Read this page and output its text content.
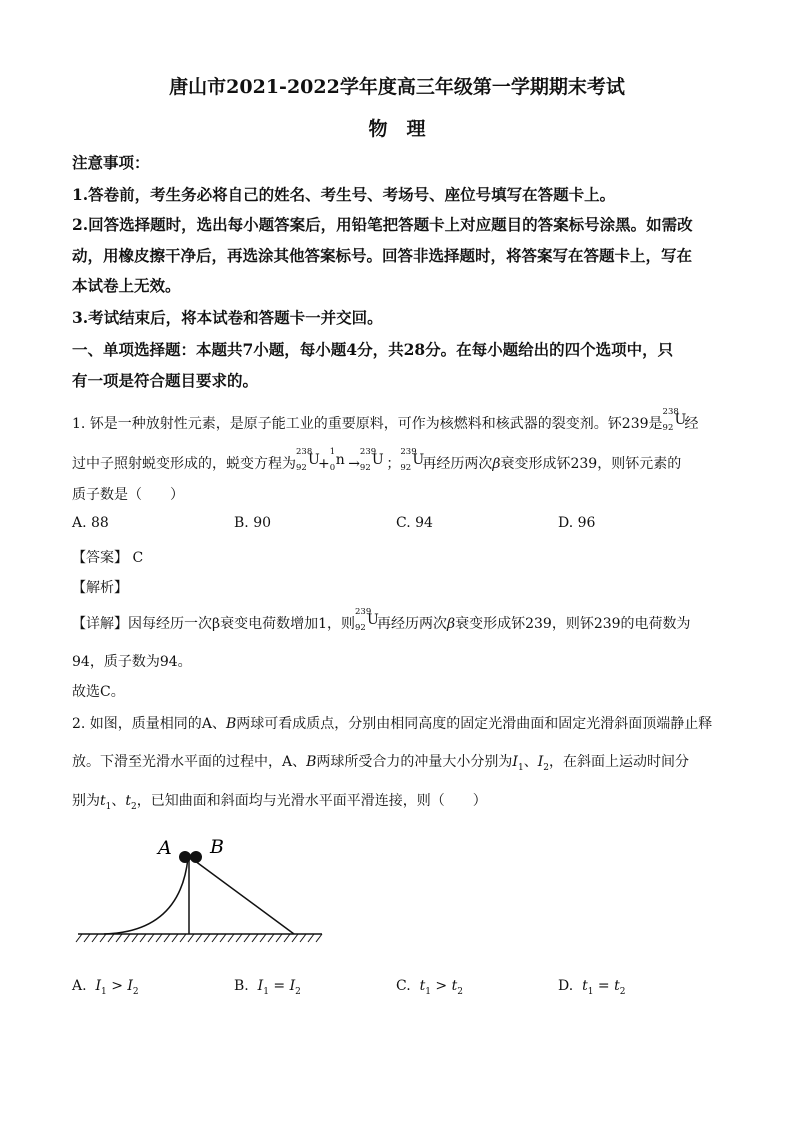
唐山市2021-2022学年度高三年级第一学期期末考试
物　理
注意事项：
1.答卷前，考生务必将自己的姓名、考生号、考场号、座位号填写在答题卡上。
2.回答选择题时，选出每小题答案后，用铅笔把答题卡上对应题目的答案标号涂黑。如需改
动，用橡皮擦干净后，再选涂其他答案标号。回答非选择题时，将答案写在答题卡上，写在
本试卷上无效。
3.考试结束后，将本试卷和答题卡一并交回。
一、单项选择题：本题共7小题，每小题4分，共28分。在每小题给出的四个选项中，只
有一项是符合题目要求的。
1. 钚是一种放射性元素，是原子能工业的重要原料，可作为核燃料和核武器的裂变剂。钚239是
238
92 U
经
过中子照射蜕变形成的，蜕变方程为
238
92 U
+
1
0 n →
239
92 U ；
239
92 U
再经历两次β衰变形成钚239，则钚元素的
质子数是（　　）
A. 88	B. 90	C. 94	D. 96
【答案】 C
【解析】
【详解】因每经历一次β衰变电荷数增加1，则
239
92 U
再经历两次β衰变形成钚239，则钚239的电荷数为
94，质子数为94。
故选C。
2. 如图，质量相同的A、B两球可看成质点，分别由相同高度的固定光滑曲面和固定光滑斜面顶端静止释
放。下滑至光滑水平面的过程中，A、B两球所受合力的冲量大小分别为$I_1$、$I_2$，在斜面上运动时间分
别为$t_1$、$t_2$，已知曲面和斜面均与光滑水平面平滑连接，则（　　）
A B
A. $I_1 > I_2$	B. $I_1 = I_2$	C. $t_1 > t_2$	D. $t_1 = t_2$
